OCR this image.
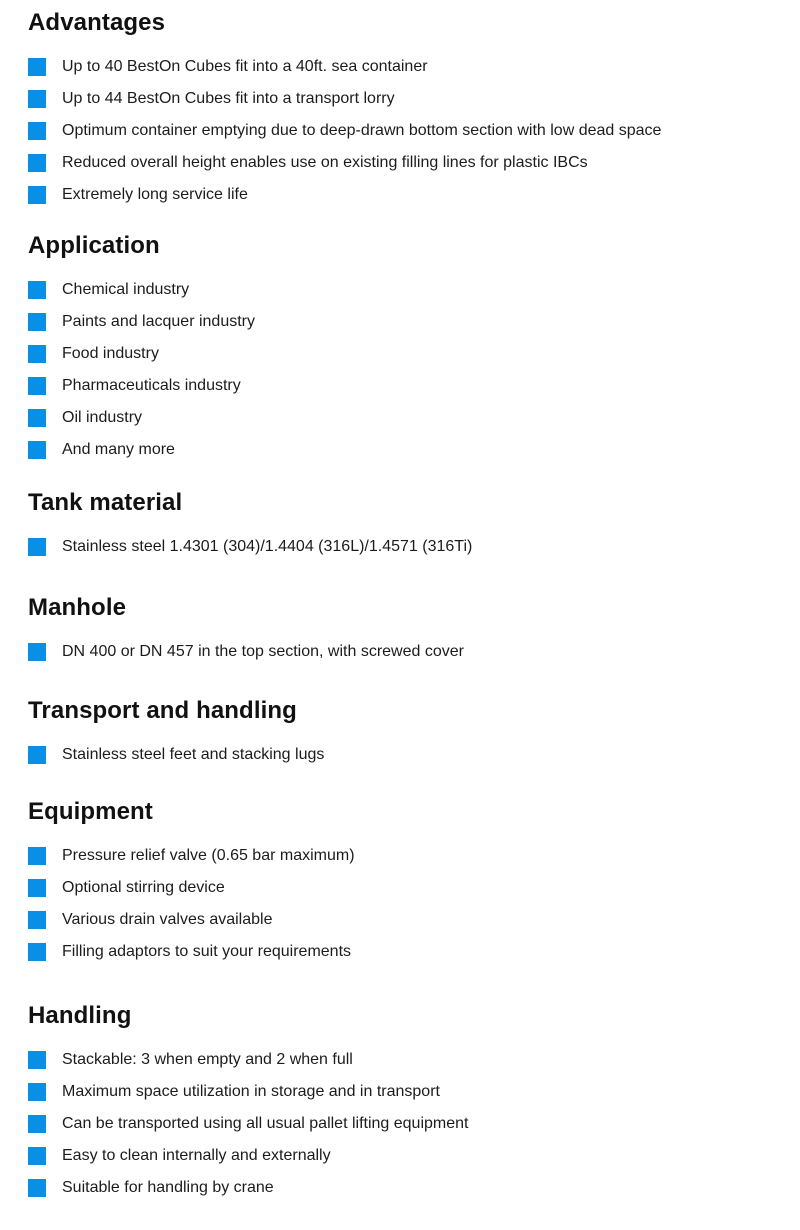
Advantages
Up to 40 BestOn Cubes fit into a 40ft. sea container
Up to 44 BestOn Cubes fit into a transport lorry
Optimum container emptying due to deep-drawn bottom section with low dead space
Reduced overall height enables use on existing filling lines for plastic IBCs
Extremely long service life
Application
Chemical industry
Paints and lacquer industry
Food industry
Pharmaceuticals industry
Oil industry
And many more
Tank material
Stainless steel 1.4301 (304)/1.4404 (316L)/1.4571 (316Ti)
Manhole
DN 400 or DN 457 in the top section, with screwed cover
Transport and handling
Stainless steel feet and stacking lugs
Equipment
Pressure relief valve (0.65 bar maximum)
Optional stirring device
Various drain valves available
Filling adaptors to suit your requirements
Handling
Stackable: 3 when empty and 2 when full
Maximum space utilization in storage and in transport
Can be transported using all usual pallet lifting equipment
Easy to clean internally and externally
Suitable for handling by crane
